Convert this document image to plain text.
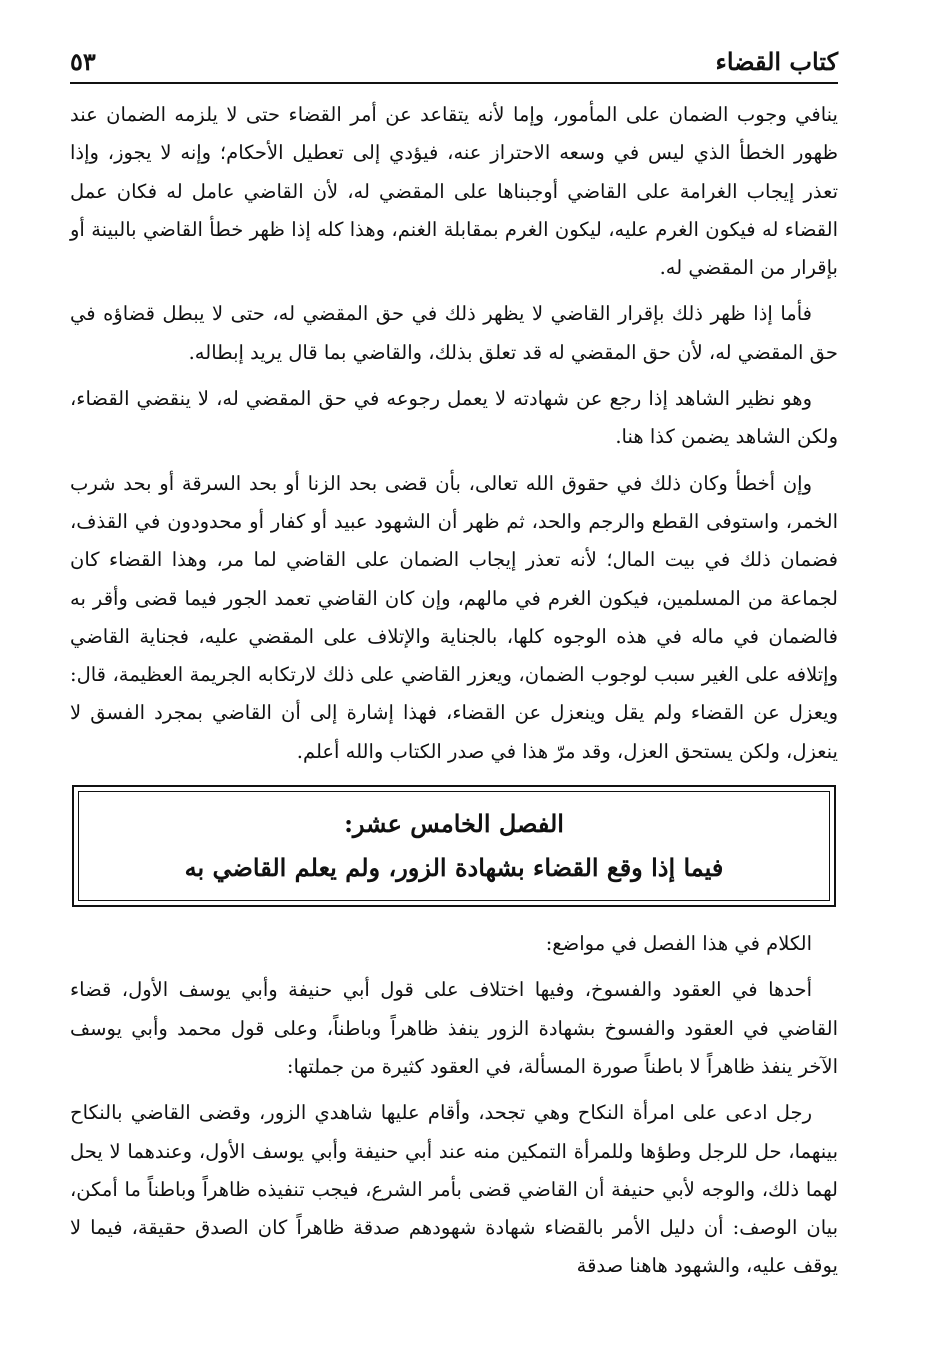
كتاب القضاء
٥٣

ينافي وجوب الضمان على المأمور، وإما لأنه يتقاعد عن أمر القضاء حتى لا يلزمه الضمان عند ظهور الخطأ الذي ليس في وسعه الاحتراز عنه، فيؤدي إلى تعطيل الأحكام؛ وإنه لا يجوز، وإذا تعذر إيجاب الغرامة على القاضي أوجبناها على المقضي له، لأن القاضي عامل له فكان عمل القضاء له فيكون الغرم عليه، ليكون الغرم بمقابلة الغنم، وهذا كله إذا ظهر خطأ القاضي بالبينة أو بإقرار من المقضي له.

فأما إذا ظهر ذلك بإقرار القاضي لا يظهر ذلك في حق المقضي له، حتى لا يبطل قضاؤه في حق المقضي له، لأن حق المقضي له قد تعلق بذلك، والقاضي بما قال يريد إبطاله.

وهو نظير الشاهد إذا رجع عن شهادته لا يعمل رجوعه في حق المقضي له، لا ينقضي القضاء، ولكن الشاهد يضمن كذا هنا.

وإن أخطأ وكان ذلك في حقوق الله تعالى، بأن قضى بحد الزنا أو بحد السرقة أو بحد شرب الخمر، واستوفى القطع والرجم والحد، ثم ظهر أن الشهود عبيد أو كفار أو محدودون في القذف، فضمان ذلك في بيت المال؛ لأنه تعذر إيجاب الضمان على القاضي لما مر، وهذا القضاء كان لجماعة من المسلمين، فيكون الغرم في مالهم، وإن كان القاضي تعمد الجور فيما قضى وأقر به فالضمان في ماله في هذه الوجوه كلها، بالجناية والإتلاف على المقضي عليه، فجناية القاضي وإتلافه على الغير سبب لوجوب الضمان، ويعزر القاضي على ذلك لارتكابه الجريمة العظيمة، قال: ويعزل عن القضاء ولم يقل وينعزل عن القضاء، فهذا إشارة إلى أن القاضي بمجرد الفسق لا ينعزل، ولكن يستحق العزل، وقد مرّ هذا في صدر الكتاب والله أعلم.

الفصل الخامس عشر:
فيما إذا وقع القضاء بشهادة الزور، ولم يعلم القاضي به

الكلام في هذا الفصل في مواضع:

أحدها في العقود والفسوخ، وفيها اختلاف على قول أبي حنيفة وأبي يوسف الأول، قضاء القاضي في العقود والفسوخ بشهادة الزور ينفذ ظاهراً وباطناً، وعلى قول محمد وأبي يوسف الآخر ينفذ ظاهراً لا باطناً صورة المسألة، في العقود كثيرة من جملتها:

رجل ادعى على امرأة النكاح وهي تجحد، وأقام عليها شاهدي الزور، وقضى القاضي بالنكاح بينهما، حل للرجل وطؤها وللمرأة التمكين منه عند أبي حنيفة وأبي يوسف الأول، وعندهما لا يحل لهما ذلك، والوجه لأبي حنيفة أن القاضي قضى بأمر الشرع، فيجب تنفيذه ظاهراً وباطناً ما أمكن، بيان الوصف: أن دليل الأمر بالقضاء شهادة شهودهم صدقة ظاهراً كان الصدق حقيقة، فيما لا يوقف عليه، والشهود هاهنا صدقة
